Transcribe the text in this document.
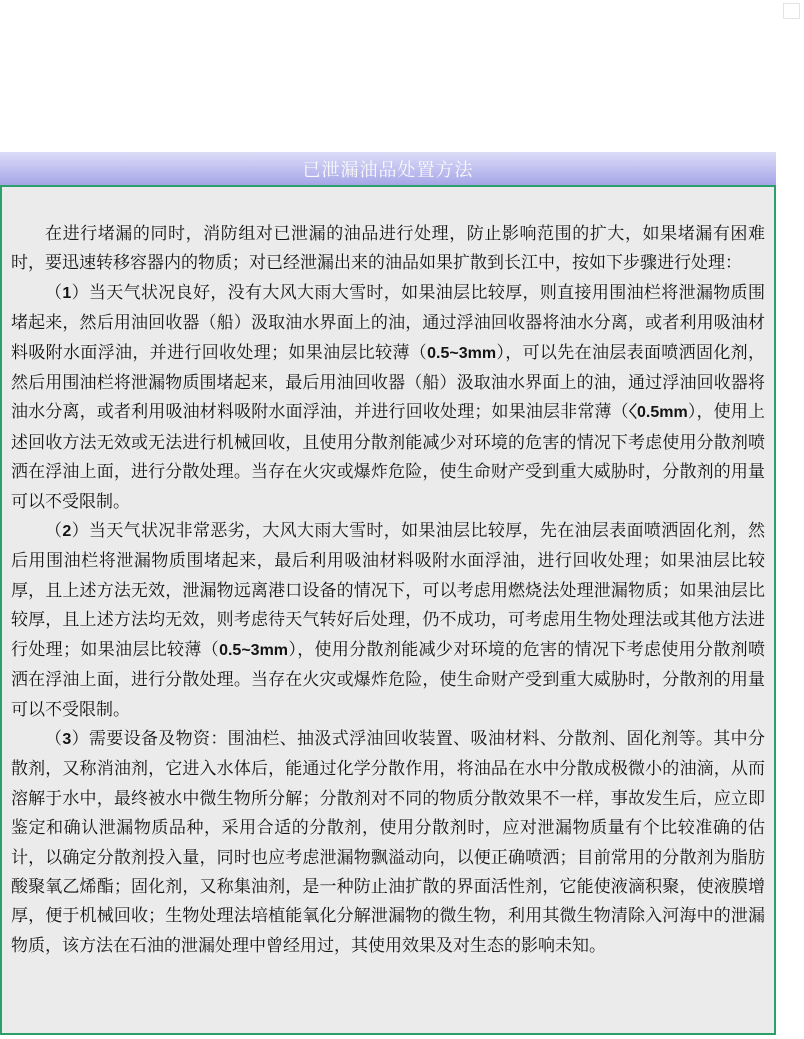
已泄漏油品处置方法

在进行堵漏的同时，消防组对已泄漏的油品进行处理，防止影响范围的扩大，如果堵漏有困难时，要迅速转移容器内的物质；对已经泄漏出来的油品如果扩散到长江中，按如下步骤进行处理：

（1）当天气状况良好，没有大风大雨大雪时，如果油层比较厚，则直接用围油栏将泄漏物质围堵起来，然后用油回收器（船）汲取油水界面上的油，通过浮油回收器将油水分离，或者利用吸油材料吸附水面浮油，并进行回收处理；如果油层比较薄（0.5~3mm），可以先在油层表面喷洒固化剂，然后用围油栏将泄漏物质围堵起来，最后用油回收器（船）汲取油水界面上的油，通过浮油回收器将油水分离，或者利用吸油材料吸附水面浮油，并进行回收处理；如果油层非常薄（〈0.5mm），使用上述回收方法无效或无法进行机械回收，且使用分散剂能减少对环境的危害的情况下考虑使用分散剂喷洒在浮油上面，进行分散处理。当存在火灾或爆炸危险，使生命财产受到重大威胁时，分散剂的用量可以不受限制。

（2）当天气状况非常恶劣，大风大雨大雪时，如果油层比较厚，先在油层表面喷洒固化剂，然后用围油栏将泄漏物质围堵起来，最后利用吸油材料吸附水面浮油，进行回收处理；如果油层比较厚，且上述方法无效，泄漏物远离港口设备的情况下，可以考虑用燃烧法处理泄漏物质；如果油层比较厚，且上述方法均无效，则考虑待天气转好后处理，仍不成功，可考虑用生物处理法或其他方法进行处理；如果油层比较薄（0.5~3mm），使用分散剂能减少对环境的危害的情况下考虑使用分散剂喷洒在浮油上面，进行分散处理。当存在火灾或爆炸危险，使生命财产受到重大威胁时，分散剂的用量可以不受限制。

（3）需要设备及物资：围油栏、抽汲式浮油回收装置、吸油材料、分散剂、固化剂等。其中分散剂，又称消油剂，它进入水体后，能通过化学分散作用，将油品在水中分散成极微小的油滴，从而溶解于水中，最终被水中微生物所分解；分散剂对不同的物质分散效果不一样，事故发生后，应立即鉴定和确认泄漏物质品种，采用合适的分散剂，使用分散剂时，应对泄漏物质量有个比较准确的估计，以确定分散剂投入量，同时也应考虑泄漏物飘溢动向，以便正确喷洒；目前常用的分散剂为脂肪酸聚氧乙烯酯；固化剂，又称集油剂，是一种防止油扩散的界面活性剂，它能使液滴积聚，使液膜增厚，便于机械回收；生物处理法培植能氧化分解泄漏物的微生物，利用其微生物清除入河海中的泄漏物质，该方法在石油的泄漏处理中曾经用过，其使用效果及对生态的影响未知。
